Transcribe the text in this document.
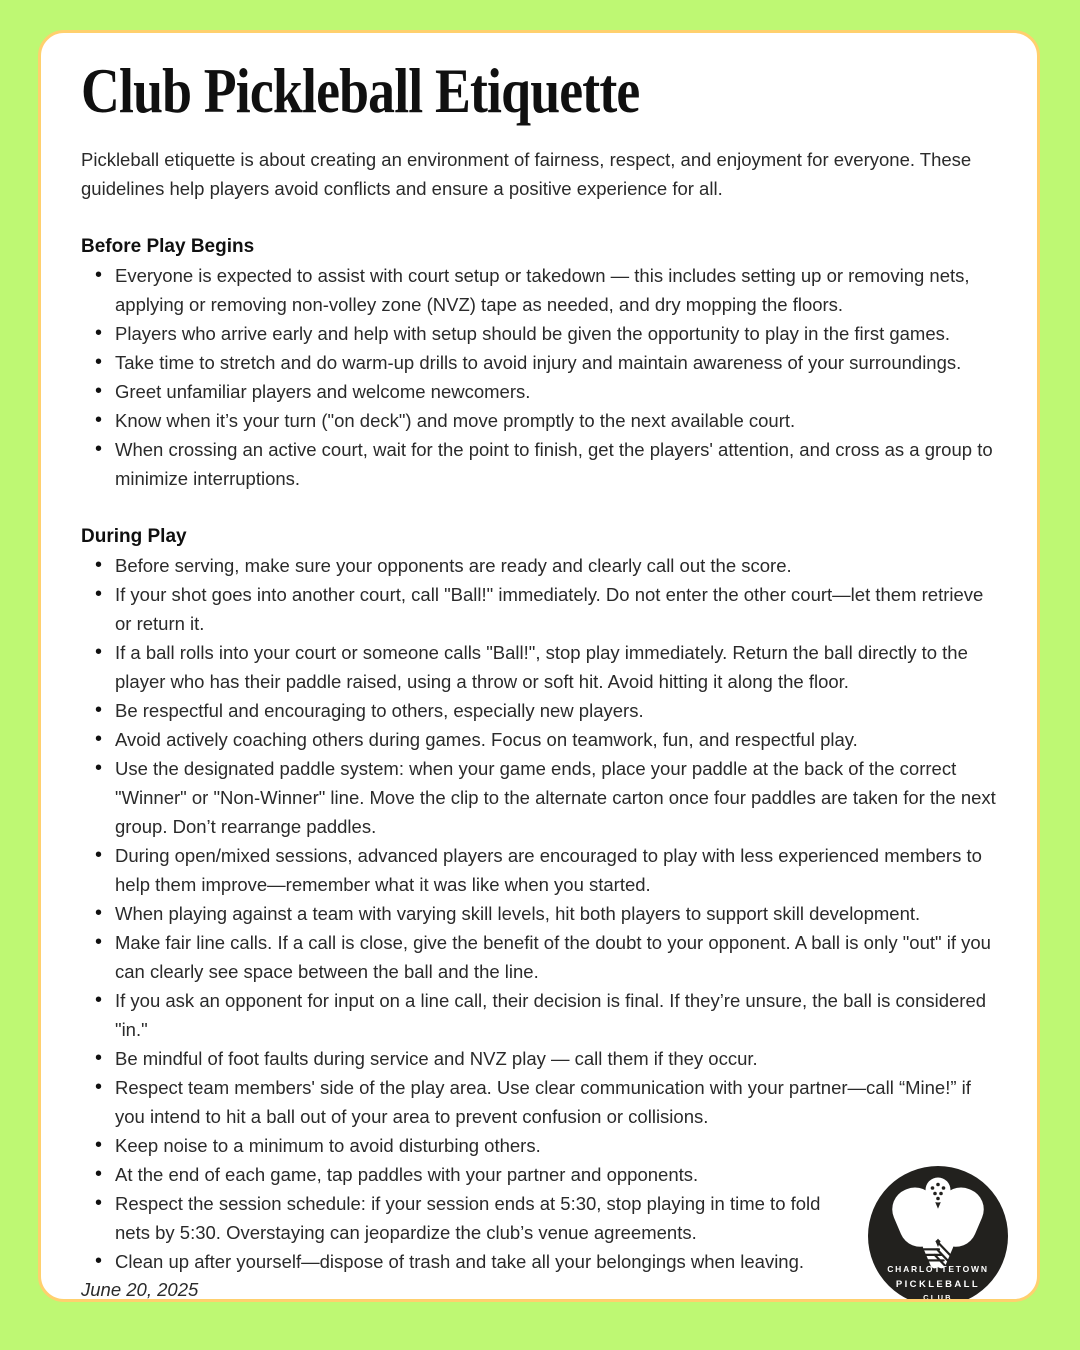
Club Pickleball Etiquette

Pickleball etiquette is about creating an environment of fairness, respect, and enjoyment for everyone. These guidelines help players avoid conflicts and ensure a positive experience for all.

Before Play Begins
• Everyone is expected to assist with court setup or takedown — this includes setting up or removing nets, applying or removing non-volley zone (NVZ) tape as needed, and dry mopping the floors.
• Players who arrive early and help with setup should be given the opportunity to play in the first games.
• Take time to stretch and do warm-up drills to avoid injury and maintain awareness of your surroundings.
• Greet unfamiliar players and welcome newcomers.
• Know when it’s your turn ("on deck") and move promptly to the next available court.
• When crossing an active court, wait for the point to finish, get the players' attention, and cross as a group to minimize interruptions.
During Play
• Before serving, make sure your opponents are ready and clearly call out the score.
• If your shot goes into another court, call "Ball!" immediately. Do not enter the other court—let them retrieve or return it.
• If a ball rolls into your court or someone calls "Ball!", stop play immediately. Return the ball directly to the player who has their paddle raised, using a throw or soft hit. Avoid hitting it along the floor.
• Be respectful and encouraging to others, especially new players.
• Avoid actively coaching others during games. Focus on teamwork, fun, and respectful play.
• Use the designated paddle system: when your game ends, place your paddle at the back of the correct "Winner" or "Non-Winner" line. Move the clip to the alternate carton once four paddles are taken for the next group. Don’t rearrange paddles.
• During open/mixed sessions, advanced players are encouraged to play with less experienced members to help them improve—remember what it was like when you started.
• When playing against a team with varying skill levels, hit both players to support skill development.
• Make fair line calls. If a call is close, give the benefit of the doubt to your opponent. A ball is only "out" if you can clearly see space between the ball and the line.
• If you ask an opponent for input on a line call, their decision is final. If they’re unsure, the ball is considered "in."
• Be mindful of foot faults during service and NVZ play — call them if they occur.
• Respect team members' side of the play area. Use clear communication with your partner—call “Mine!” if you intend to hit a ball out of your area to prevent confusion or collisions.
• Keep noise to a minimum to avoid disturbing others.
• At the end of each game, tap paddles with your partner and opponents.
CHARLOTTETOWN
PICKLEBALL
CLUB
• Respect the session schedule: if your session ends at 5:30, stop playing in time to fold nets by 5:30. Overstaying can jeopardize the club’s venue agreements.
• Clean up after yourself—dispose of trash and take all your belongings when leaving.

June 20, 2025
